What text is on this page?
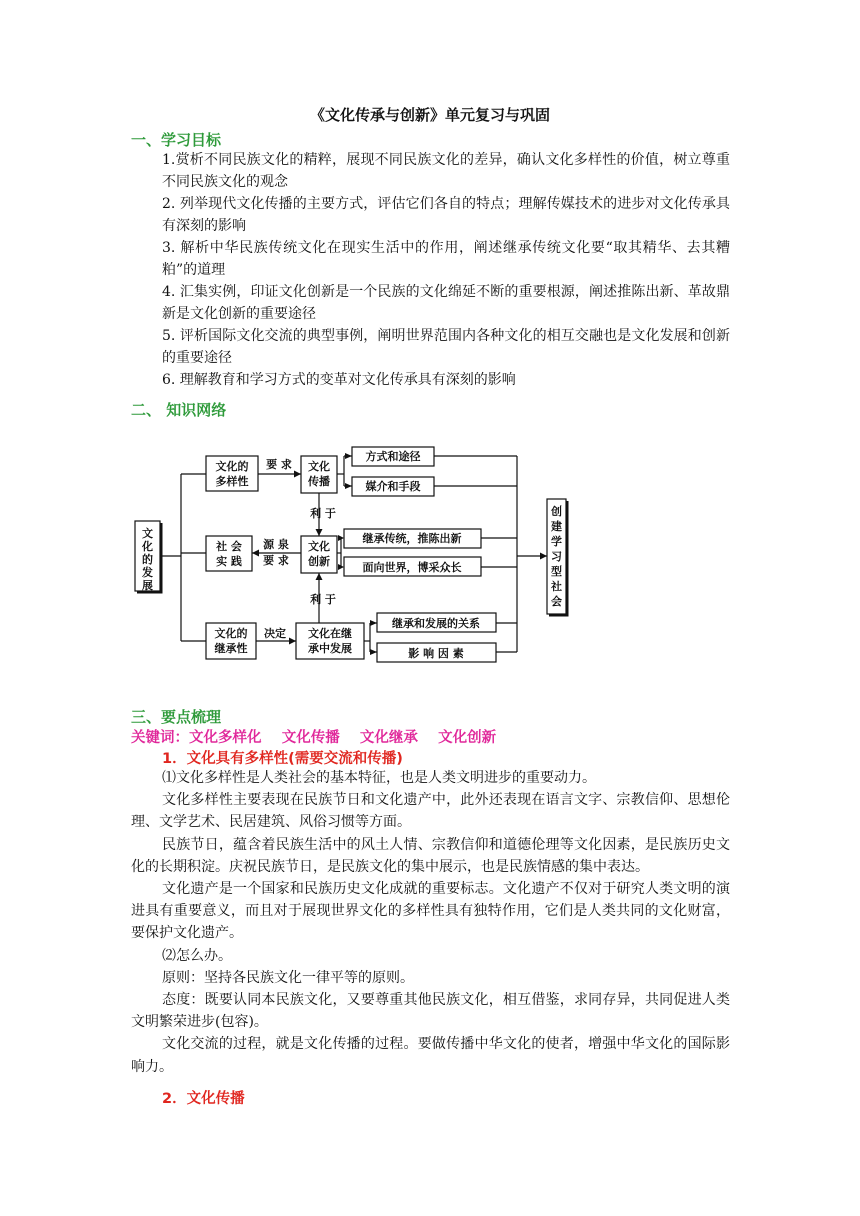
《文化传承与创新》单元复习与巩固
一、学习目标

1.赏析不同民族文化的精粹，展现不同民族文化的差异，确认文化多样性的价值，树立尊重不同民族文化的观念

2. 列举现代文化传播的主要方式，评估它们各自的特点；理解传媒技术的进步对文化传承具有深刻的影响

3. 解析中华民族传统文化在现实生活中的作用，阐述继承传统文化要“取其精华、去其糟粕”的道理

4. 汇集实例，印证文化创新是一个民族的文化绵延不断的重要根源，阐述推陈出新、革故鼎新是文化创新的重要途径

5. 评析国际文化交流的典型事例，阐明世界范围内各种文化的相互交融也是文化发展和创新的重要途径

6. 理解教育和学习方式的变革对文化传承具有深刻的影响

二、 知识网络
文
化
的
发
展
创
建
学
习
型
社
会
文化的
多样性
社 会
实 践
文化的
继承性
文化
传播
文化
创新
文化在继
承中发展
要 求
源 泉
要 求
决定
利 于
利 于
方式和途径
媒介和手段
继承传统，推陈出新
面向世界，博采众长
继承和发展的关系
影 响 因 素
三、要点梳理
关键词：文化多样化    文化传播    文化继承    文化创新
1．文化具有多样性(需要交流和传播)

⑴文化多样性是人类社会的基本特征，也是人类文明进步的重要动力。

文化多样性主要表现在民族节日和文化遗产中，此外还表现在语言文字、宗教信仰、思想伦理、文学艺术、民居建筑、风俗习惯等方面。

民族节日，蕴含着民族生活中的风土人情、宗教信仰和道德伦理等文化因素，是民族历史文化的长期积淀。庆祝民族节日，是民族文化的集中展示，也是民族情感的集中表达。

文化遗产是一个国家和民族历史文化成就的重要标志。文化遗产不仅对于研究人类文明的演进具有重要意义，而且对于展现世界文化的多样性具有独特作用，它们是人类共同的文化财富，要保护文化遗产。

⑵怎么办。

原则：坚持各民族文化一律平等的原则。

态度：既要认同本民族文化，又要尊重其他民族文化，相互借鉴，求同存异，共同促进人类文明繁荣进步(包容)。

文化交流的过程，就是文化传播的过程。要做传播中华文化的使者，增强中华文化的国际影响力。

2．文化传播
